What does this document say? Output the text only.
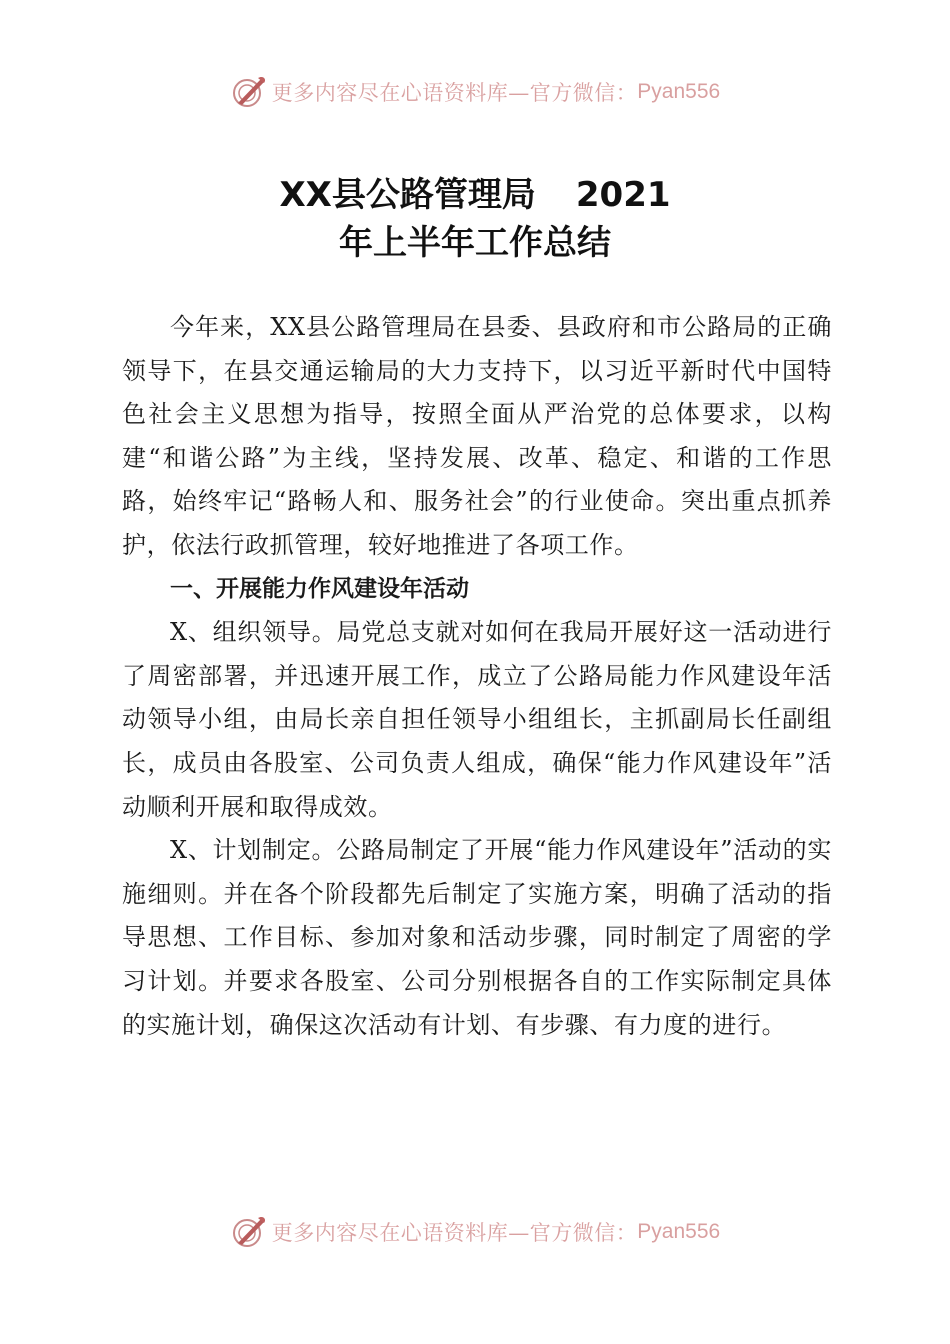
更多内容尽在心语资料库—官方微信： Pyan556
XX县公路管理局 2021
年上半年工作总结

今年来，XX县公路管理局在县委、县政府和市公路局的正确领导下，在县交通运输局的大力支持下，以习近平新时代中国特色社会主义思想为指导，按照全面从严治党的总体要求，以构建“和谐公路”为主线，坚持发展、改革、稳定、和谐的工作思路，始终牢记“路畅人和、服务社会”的行业使命。突出重点抓养护，依法行政抓管理，较好地推进了各项工作。

一、开展能力作风建设年活动

X、组织领导。局党总支就对如何在我局开展好这一活动进行了周密部署，并迅速开展工作，成立了公路局能力作风建设年活动领导小组，由局长亲自担任领导小组组长，主抓副局长任副组长，成员由各股室、公司负责人组成，确保“能力作风建设年”活动顺利开展和取得成效。

X、计划制定。公路局制定了开展“能力作风建设年”活动的实施细则。并在各个阶段都先后制定了实施方案，明确了活动的指导思想、工作目标、参加对象和活动步骤，同时制定了周密的学习计划。并要求各股室、公司分别根据各自的工作实际制定具体的实施计划，确保这次活动有计划、有步骤、有力度的进行。

更多内容尽在心语资料库—官方微信： Pyan556
